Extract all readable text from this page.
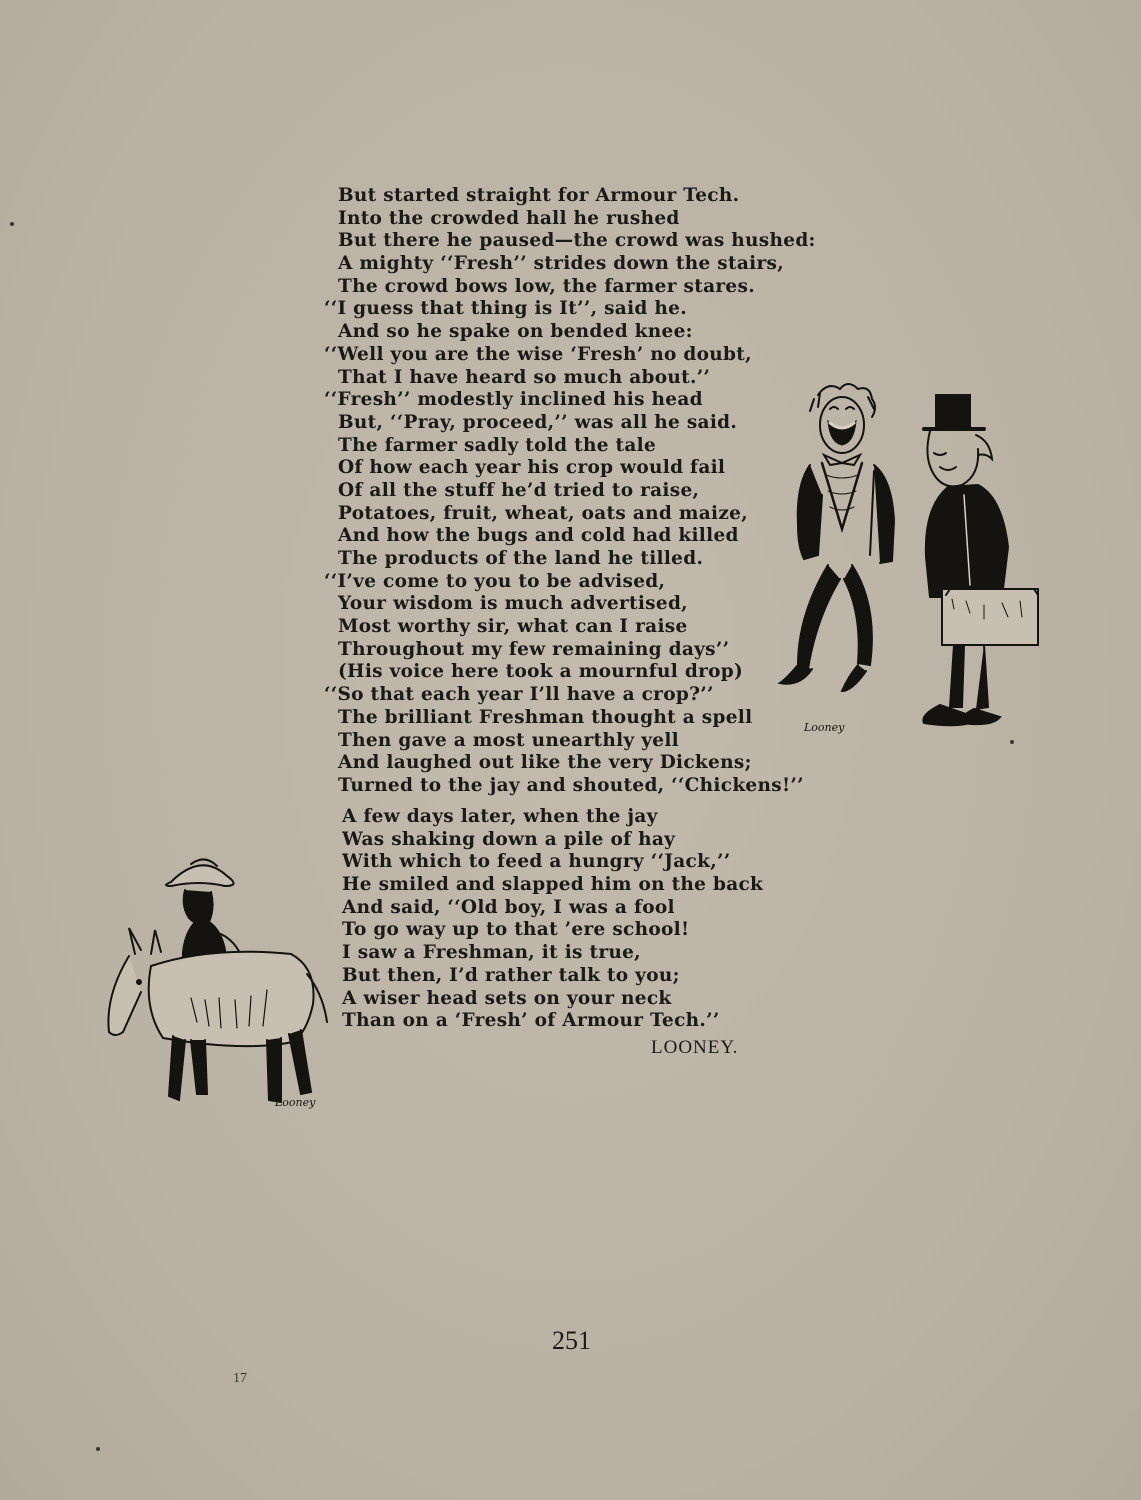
But started straight for Armour Tech.
Into the crowded hall he rushed
But there he paused—the crowd was hushed:
A mighty ‘‘Fresh’’ strides down the stairs,
The crowd bows low, the farmer stares.
‘‘I guess that thing is It’’, said he.
And so he spake on bended knee:
‘‘Well you are the wise ‘Fresh’ no doubt,
That I have heard so much about.’’
‘‘Fresh’’ modestly inclined his head
But, ‘‘Pray, proceed,’’ was all he said.
The farmer sadly told the tale
Of how each year his crop would fail
Of all the stuff he’d tried to raise,
Potatoes, fruit, wheat, oats and maize,
And how the bugs and cold had killed
The products of the land he tilled.
‘‘I’ve come to you to be advised,
Your wisdom is much advertised,
Most worthy sir, what can I raise
Throughout my few remaining days’’
(His voice here took a mournful drop)
‘‘So that each year I’ll have a crop?’’
The brilliant Freshman thought a spell
Then gave a most unearthly yell
And laughed out like the very Dickens;
Turned to the jay and shouted, ‘‘Chickens!’’
A few days later, when the jay
Was shaking down a pile of hay
With which to feed a hungry ‘‘Jack,’’
He smiled and slapped him on the back
And said, ‘‘Old boy, I was a fool
To go way up to that ’ere school!
I saw a Freshman, it is true,
But then, I’d rather talk to you;
A wiser head sets on your neck
Than on a ‘Fresh’ of Armour Tech.’’
LOONEY.
Looney
Looney
251
17
